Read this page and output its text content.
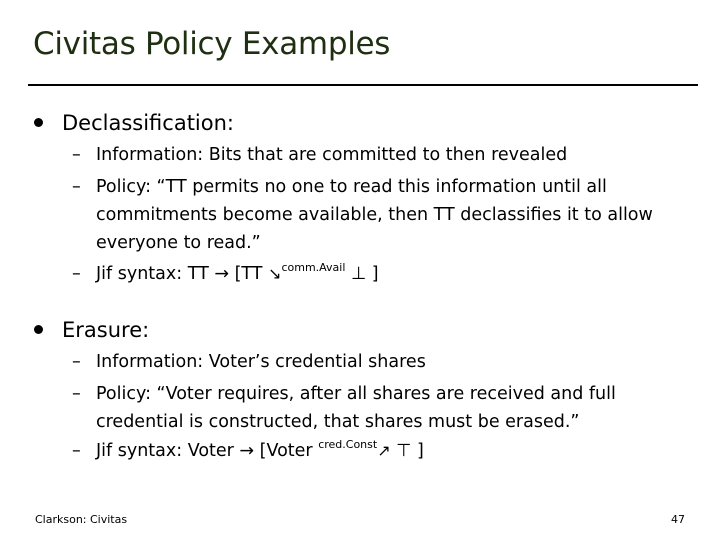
Civitas Policy Examples
Declassification:
– Information: Bits that are committed to then revealed
– Policy: “TT permits no one to read this information until all commitments become available, then TT declassifies it to allow everyone to read.”
– Jif syntax: TT → [TT ↘$^{comm.Avail}$ ⊥ ]
Erasure:
– Information: Voter’s credential shares
– Policy: “Voter requires, after all shares are received and full credential is constructed, that shares must be erased.”
– Jif syntax: Voter → [Voter $^{cred.Const}$↗ ⊤ ]
Clarkson: Civitas	47
